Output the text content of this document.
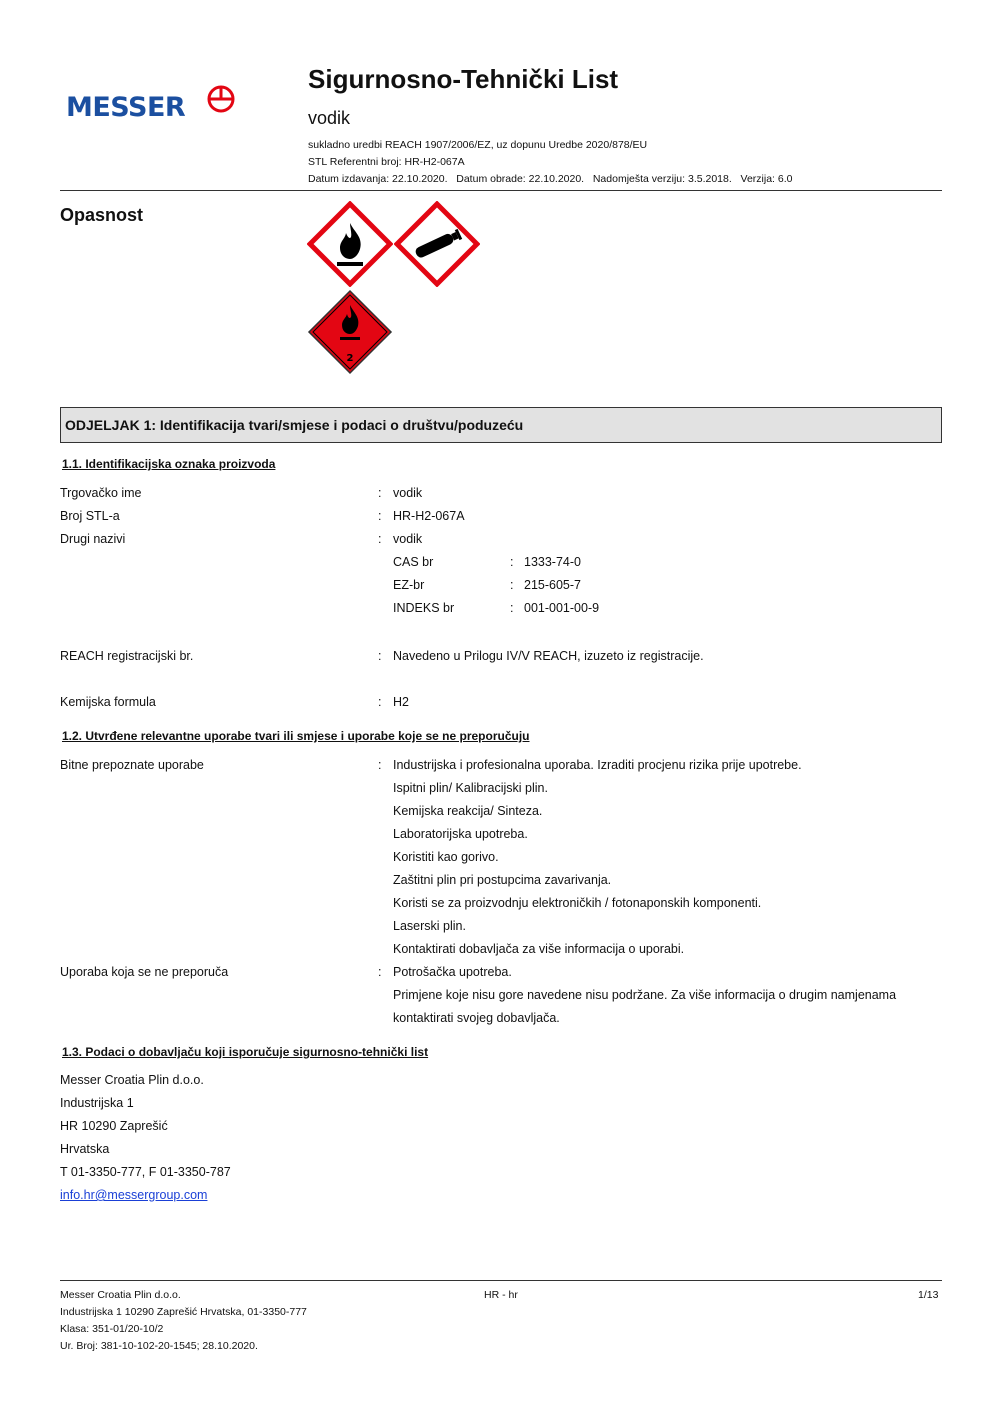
MESSER
Sigurnosno-Tehnički List
vodik
sukladno uredbi REACH 1907/2006/EZ, uz dopunu Uredbe 2020/878/EU
STL Referentni broj: HR-H2-067A
Datum izdavanja: 22.10.2020.   Datum obrade: 22.10.2020.   Nadomješta verziju: 3.5.2018.   Verzija: 6.0
Opasnost
2
ODJELJAK 1: Identifikacija tvari/smjese i podaci o društvu/poduzeću
1.1. Identifikacijska oznaka proizvoda
Trgovačko ime	: vodik
Broj STL-a	: HR-H2-067A
Drugi nazivi	: vodik
CAS br	: 1333-74-0
EZ-br	: 215-605-7
INDEKS br	: 001-001-00-9
REACH registracijski br.	: Navedeno u Prilogu IV/V REACH, izuzeto iz registracije.
Kemijska formula	: H2
1.2. Utvrđene relevantne uporabe tvari ili smjese i uporabe koje se ne preporučuju
Bitne prepoznate uporabe	: Industrijska i profesionalna uporaba. Izraditi procjenu rizika prije upotrebe.
Ispitni plin/ Kalibracijski plin.
Kemijska reakcija/ Sinteza.
Laboratorijska upotreba.
Koristiti kao gorivo.
Zaštitni plin pri postupcima zavarivanja.
Koristi se za proizvodnju elektroničkih / fotonaponskih komponenti.
Laserski plin.
Kontaktirati dobavljača za više informacija o uporabi.
Uporaba koja se ne preporuča	: Potrošačka upotreba.
Primjene koje nisu gore navedene nisu podržane. Za više informacija o drugim namjenama
kontaktirati svojeg dobavljača.
1.3. Podaci o dobavljaču koji isporučuje sigurnosno-tehnički list
Messer Croatia Plin d.o.o.
Industrijska 1
HR 10290 Zaprešić
Hrvatska
T 01-3350-777, F 01-3350-787
info.hr@messergroup.com
Messer Croatia Plin d.o.o.
Industrijska 1 10290 Zaprešić Hrvatska, 01-3350-777
Klasa: 351-01/20-10/2
Ur. Broj: 381-10-102-20-1545; 28.10.2020.
HR - hr	1/13
